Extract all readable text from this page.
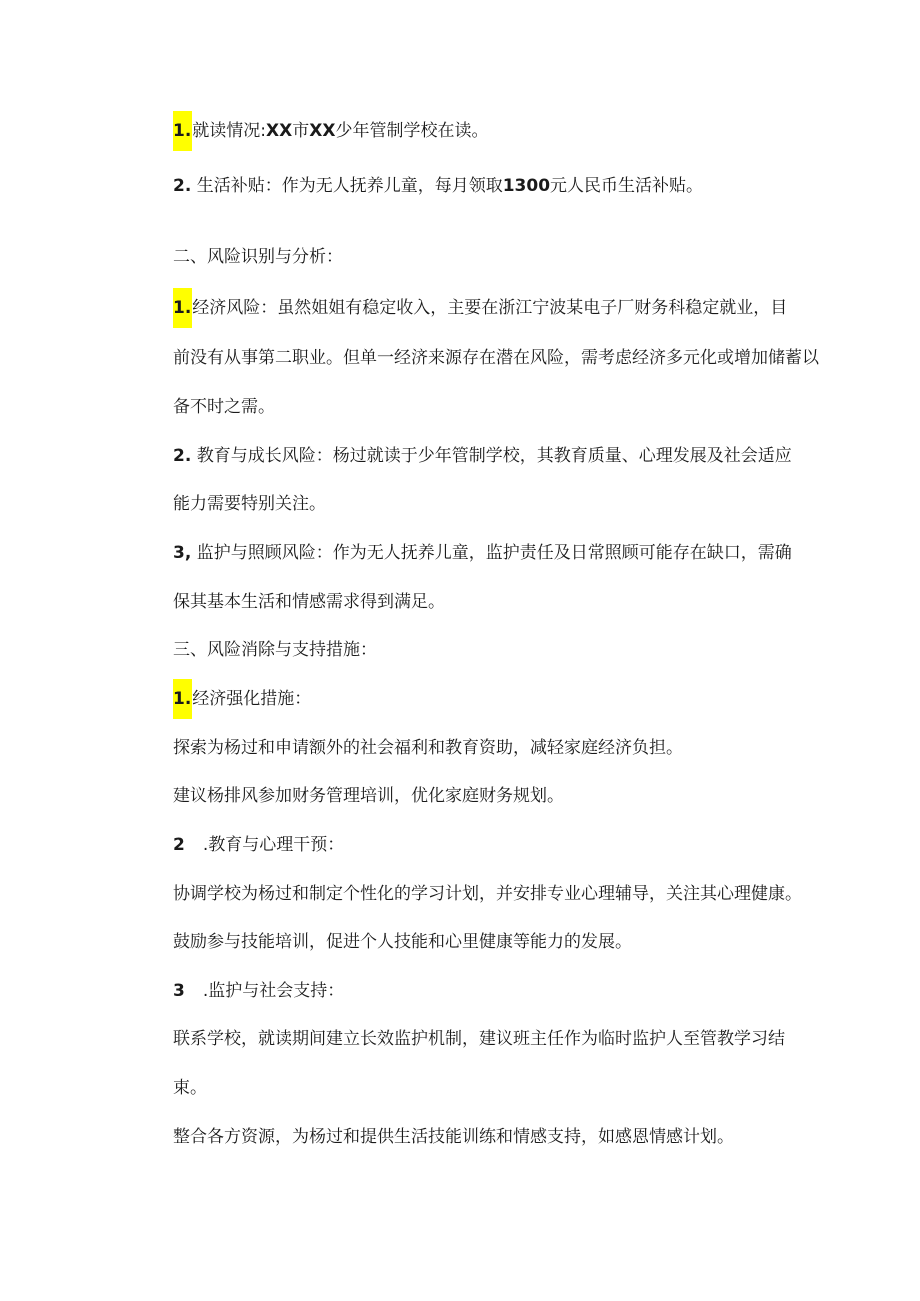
1.就读情况:XX市XX少年管制学校在读。
2. 生活补贴：作为无人抚养儿童，每月领取1300元人民币生活补贴。
二、风险识别与分析：
1.经济风险：虽然姐姐有稳定收入，主要在浙江宁波某电子厂财务科稳定就业，目
前没有从事第二职业。但单一经济来源存在潜在风险，需考虑经济多元化或增加储蓄以
备不时之需。
2. 教育与成长风险：杨过就读于少年管制学校，其教育质量、心理发展及社会适应
能力需要特别关注。
3, 监护与照顾风险：作为无人抚养儿童，监护责任及日常照顾可能存在缺口，需确
保其基本生活和情感需求得到满足。
三、风险消除与支持措施：
1.经济强化措施：
探索为杨过和申请额外的社会福利和教育资助，减轻家庭经济负担。
建议杨排风参加财务管理培训，优化家庭财务规划。
2 .教育与心理干预：
协调学校为杨过和制定个性化的学习计划，并安排专业心理辅导，关注其心理健康。
鼓励参与技能培训，促进个人技能和心里健康等能力的发展。
3 .监护与社会支持：
联系学校，就读期间建立长效监护机制，建议班主任作为临时监护人至管教学习结
束。
整合各方资源，为杨过和提供生活技能训练和情感支持，如感恩情感计划。
